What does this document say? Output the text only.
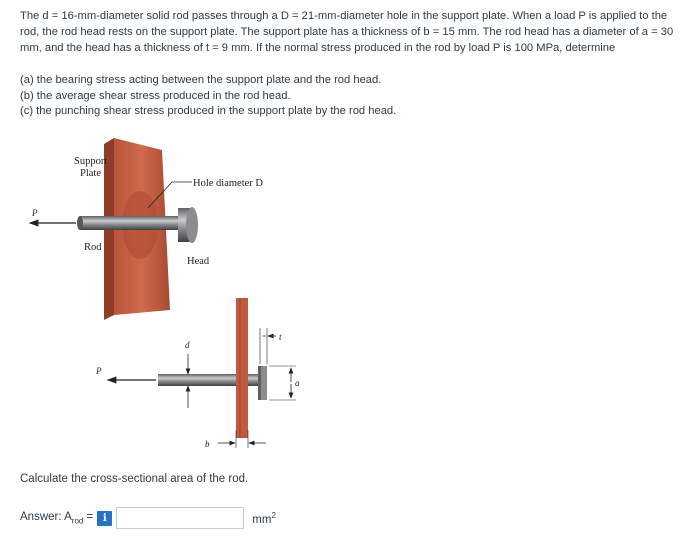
The d = 16-mm-diameter solid rod passes through a D = 21-mm-diameter hole in the support plate. When a load P is applied to the

rod, the rod head rests on the support plate. The support plate has a thickness of b = 15 mm. The rod head has a diameter of a = 30

mm, and the head has a thickness of t = 9 mm. If the normal stress produced in the rod by load P is 100 MPa, determine

(a) the bearing stress acting between the support plate and the rod head.
(b) the average shear stress produced in the rod head.
(c) the punching shear stress produced in the support plate by the rod head.
P
Support
Plate
Hole diameter D
Rod
Head
P
d
t
a
b
Calculate the cross-sectional area of the rod.
Answer: $A_{rod} = i$	$mm^2$
